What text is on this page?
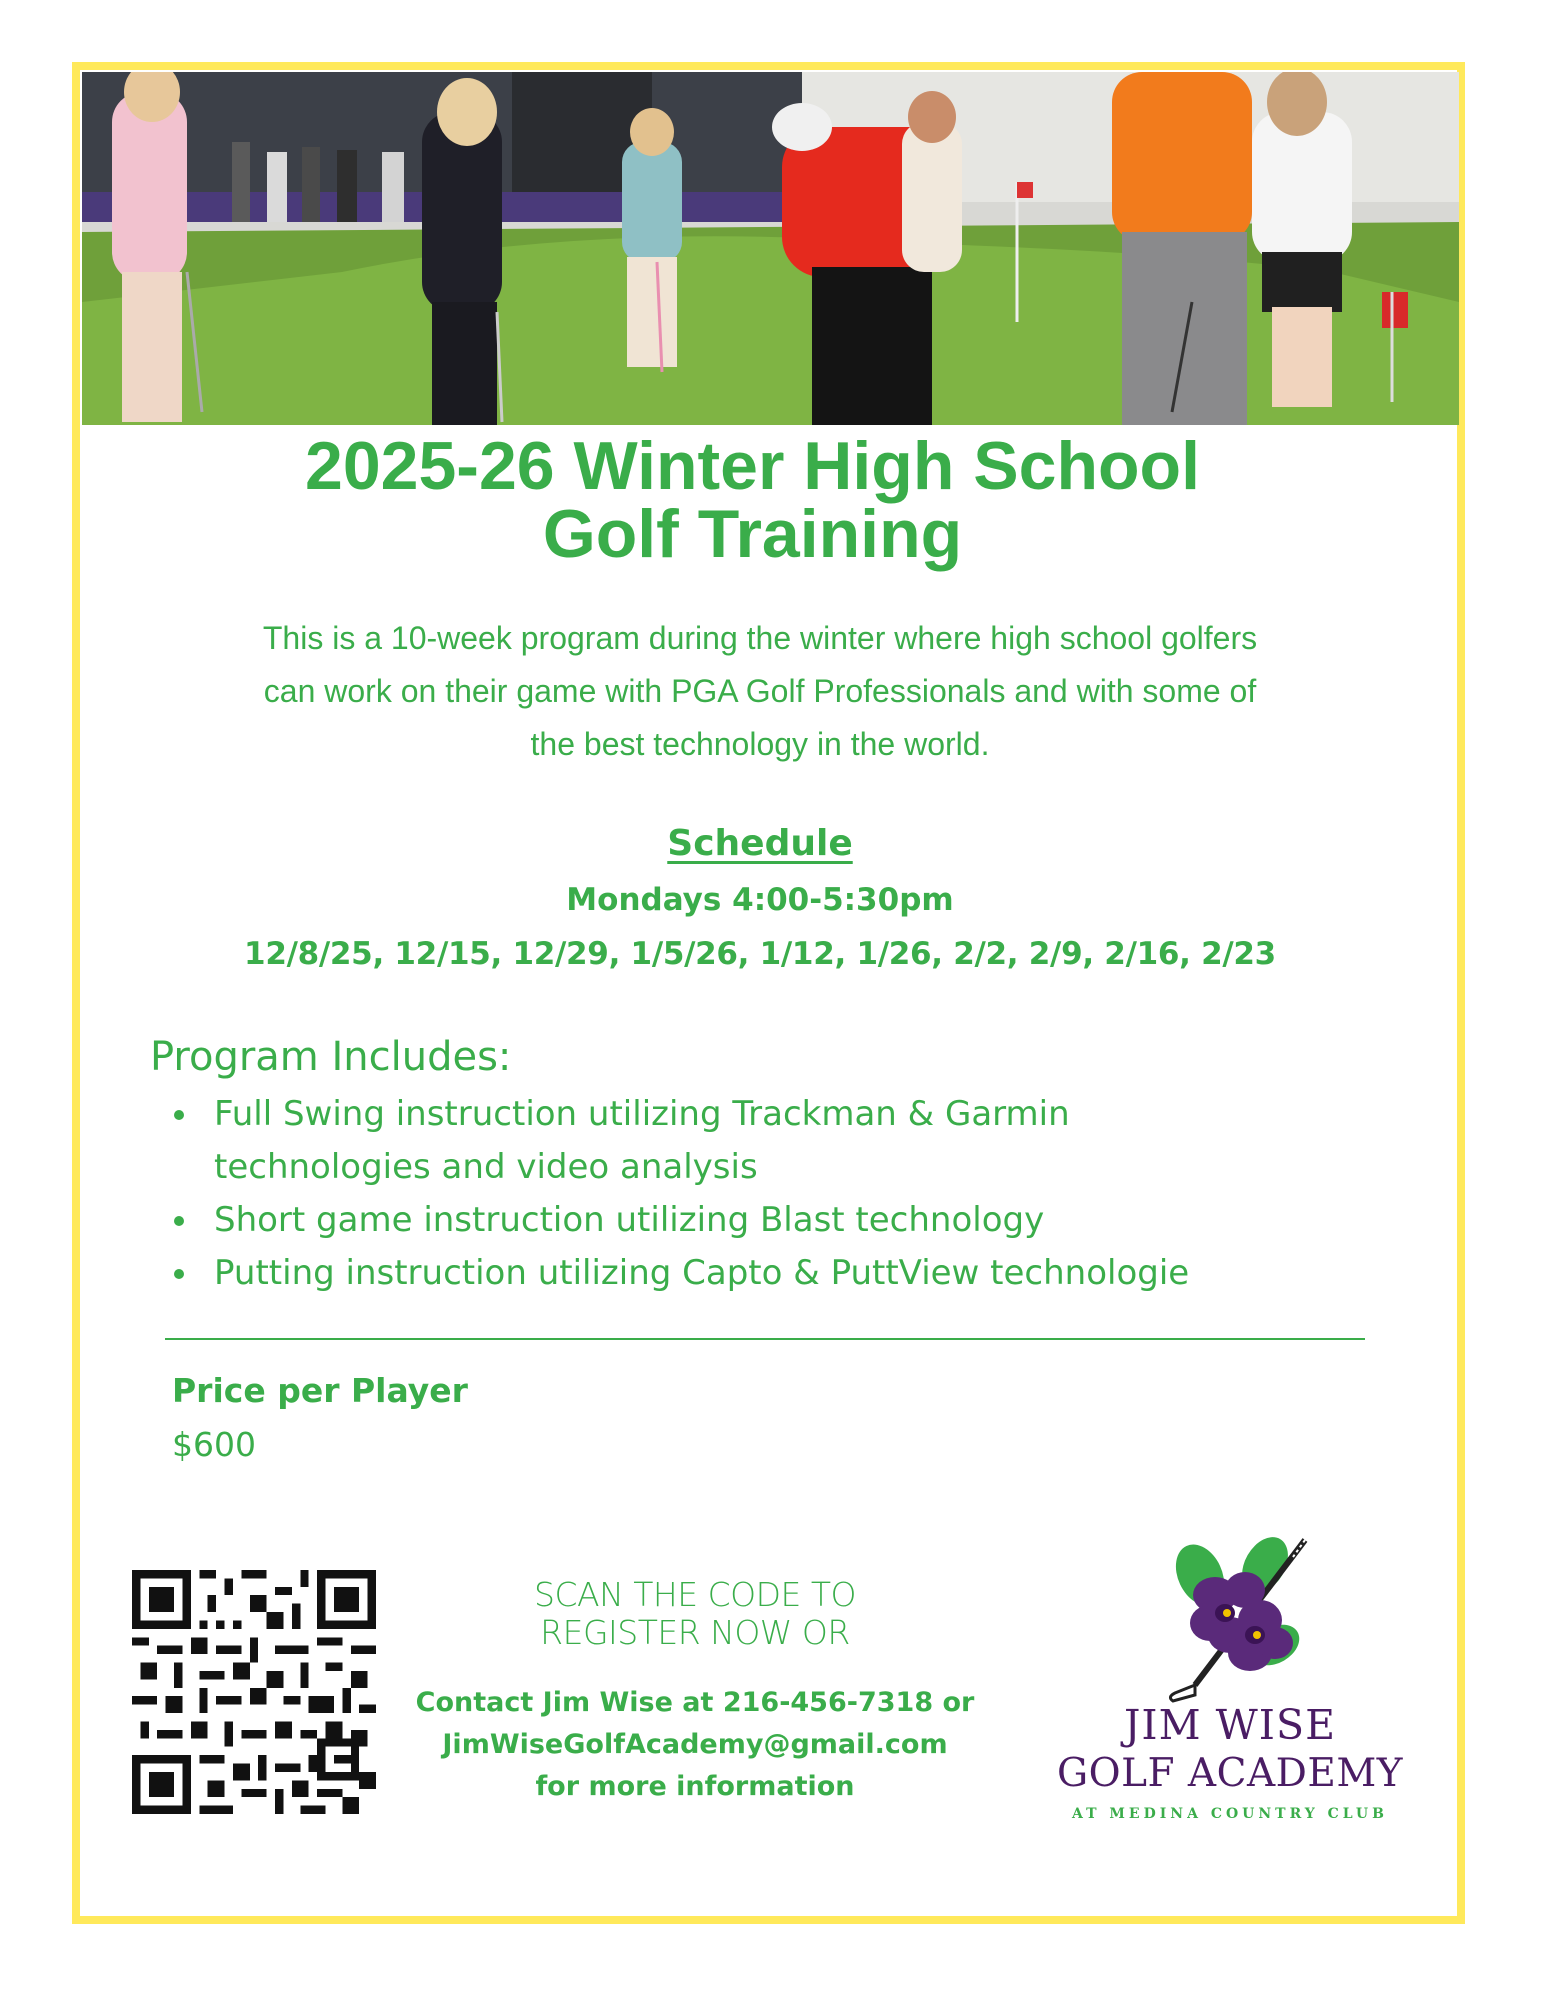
2025-26 Winter High School
Golf Training
This is a 10-week program during the winter where high school golfers
can work on their game with PGA Golf Professionals and with some of
the best technology in the world.
Schedule
Mondays 4:00-5:30pm
12/8/25, 12/15, 12/29, 1/5/26, 1/12, 1/26, 2/2, 2/9, 2/16, 2/23
Program Includes:
Full Swing instruction utilizing Trackman & Garmin
technologies and video analysis
Short game instruction utilizing Blast technology
Putting instruction utilizing Capto & PuttView technologie
Price per Player
$600
SCAN THE CODE TO
REGISTER NOW OR
Contact Jim Wise at 216-456-7318 or
JimWiseGolfAcademy@gmail.com
for more information
JIM WISE
GOLF ACADEMY
AT MEDINA COUNTRY CLUB
